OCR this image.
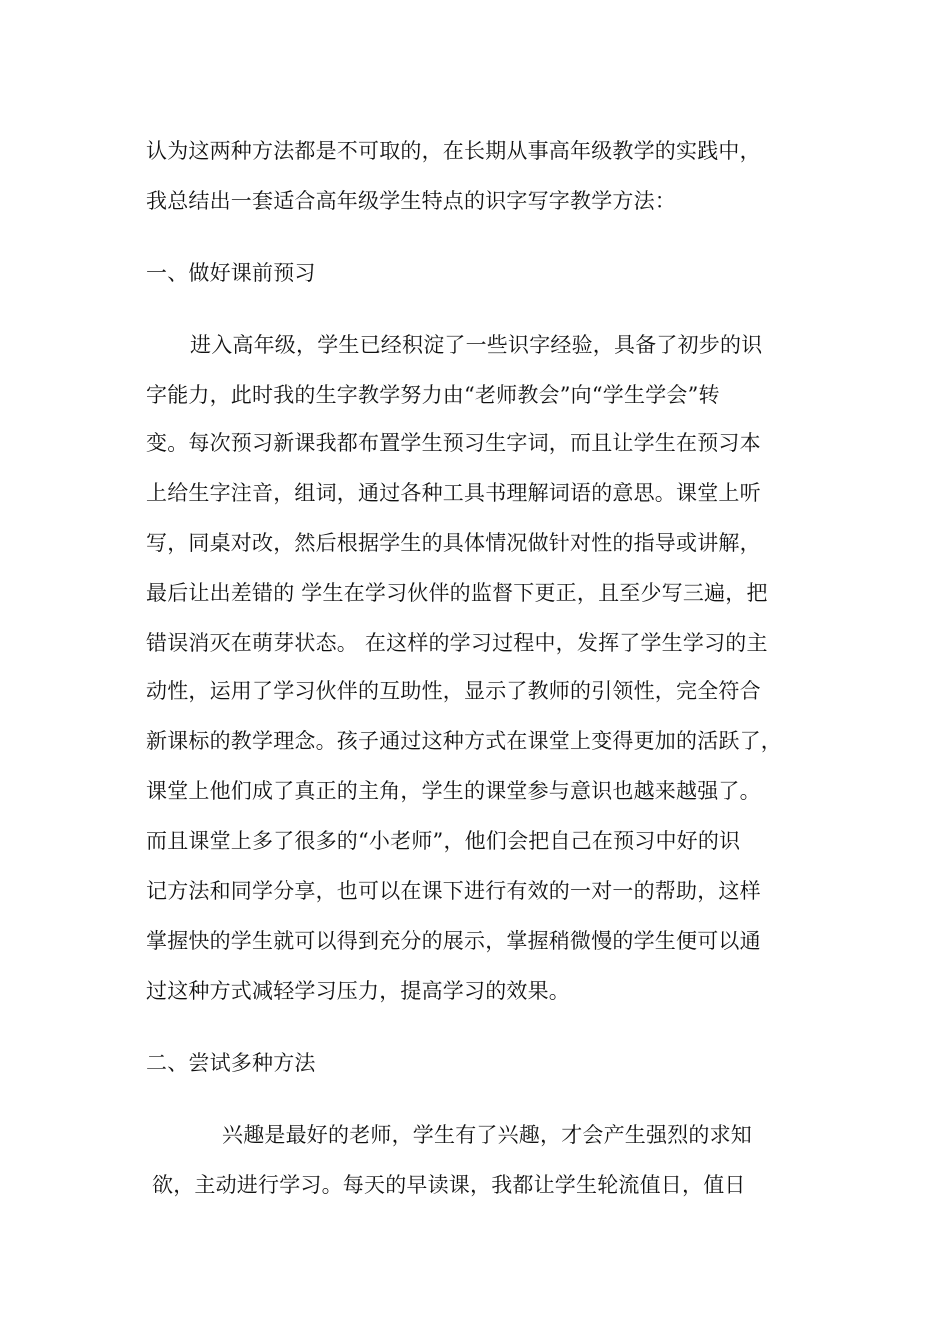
认为这两种方法都是不可取的，在长期从事高年级教学的实践中，
我总结出一套适合高年级学生特点的识字写字教学方法：
一、做好课前预习
进入高年级，学生已经积淀了一些识字经验，具备了初步的识
字能力，此时我的生字教学努力由“老师教会”向“学生学会”转
变。每次预习新课我都布置学生预习生字词，而且让学生在预习本
上给生字注音，组词，通过各种工具书理解词语的意思。课堂上听
写，同桌对改，然后根据学生的具体情况做针对性的指导或讲解，
最后让出差错的 学生在学习伙伴的监督下更正，且至少写三遍，把
错误消灭在萌芽状态。 在这样的学习过程中，发挥了学生学习的主
动性，运用了学习伙伴的互助性，显示了教师的引领性，完全符合
新课标的教学理念。孩子通过这种方式在课堂上变得更加的活跃了，
课堂上他们成了真正的主角，学生的课堂参与意识也越来越强了。
而且课堂上多了很多的“小老师”，他们会把自己在预习中好的识
记方法和同学分享，也可以在课下进行有效的一对一的帮助，这样
掌握快的学生就可以得到充分的展示，掌握稍微慢的学生便可以通
过这种方式减轻学习压力，提高学习的效果。
二、尝试多种方法
兴趣是最好的老师，学生有了兴趣，才会产生强烈的求知
欲，主动进行学习。每天的早读课，我都让学生轮流值日，值日
